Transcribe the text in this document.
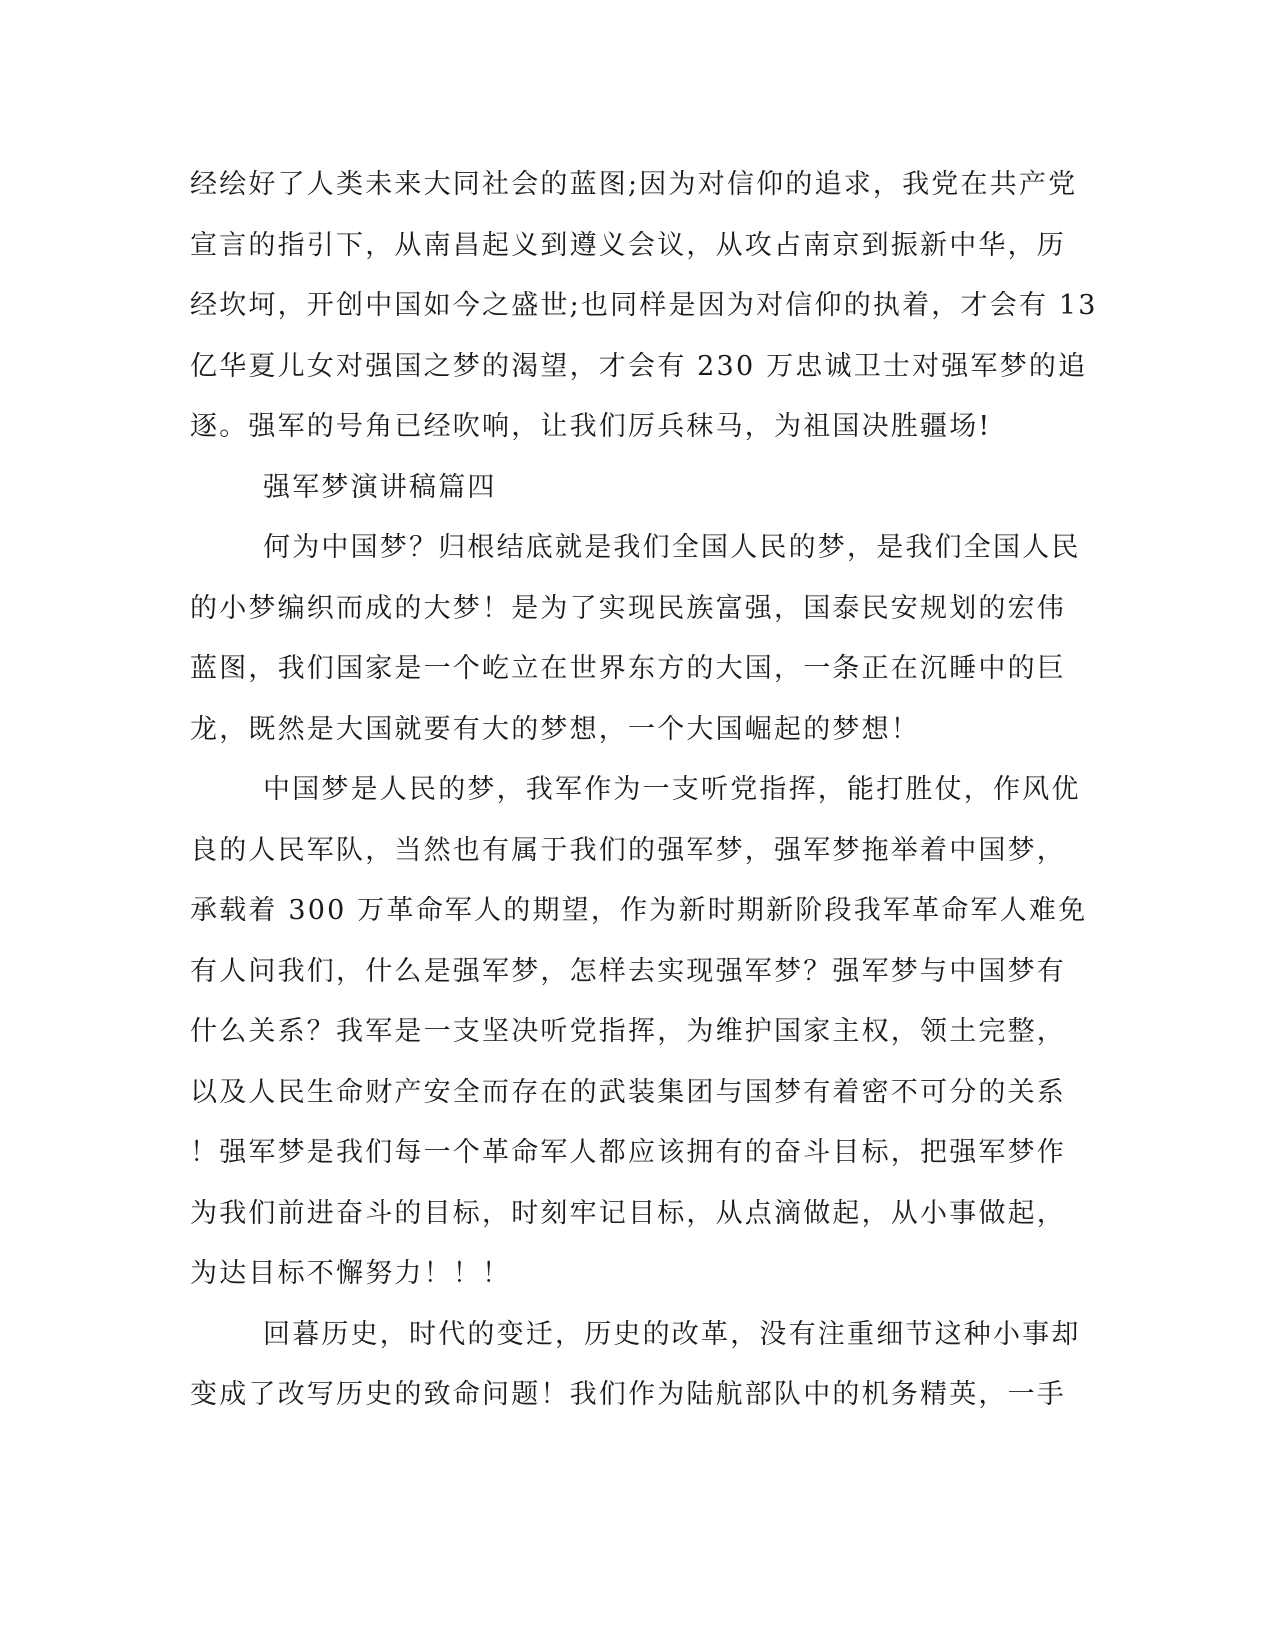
经绘好了人类未来大同社会的蓝图;因为对信仰的追求，我党在共产党
宣言的指引下，从南昌起义到遵义会议，从攻占南京到振新中华，历
经坎坷，开创中国如今之盛世;也同样是因为对信仰的执着，才会有 13
亿华夏儿女对强国之梦的渴望，才会有 230 万忠诚卫士对强军梦的追
逐。强军的号角已经吹响，让我们厉兵秣马，为祖国决胜疆场!
强军梦演讲稿篇四
何为中国梦？归根结底就是我们全国人民的梦，是我们全国人民
的小梦编织而成的大梦！是为了实现民族富强，国泰民安规划的宏伟
蓝图，我们国家是一个屹立在世界东方的大国，一条正在沉睡中的巨
龙，既然是大国就要有大的梦想，一个大国崛起的梦想！
中国梦是人民的梦，我军作为一支听党指挥，能打胜仗，作风优
良的人民军队，当然也有属于我们的强军梦，强军梦拖举着中国梦，
承载着 300 万革命军人的期望，作为新时期新阶段我军革命军人难免
有人问我们，什么是强军梦，怎样去实现强军梦？强军梦与中国梦有
什么关系？我军是一支坚决听党指挥，为维护国家主权，领土完整，
以及人民生命财产安全而存在的武装集团与国梦有着密不可分的关系
！强军梦是我们每一个革命军人都应该拥有的奋斗目标，把强军梦作
为我们前进奋斗的目标，时刻牢记目标，从点滴做起，从小事做起，
为达目标不懈努力！！！
回暮历史，时代的变迁，历史的改革，没有注重细节这种小事却
变成了改写历史的致命问题！我们作为陆航部队中的机务精英，一手
